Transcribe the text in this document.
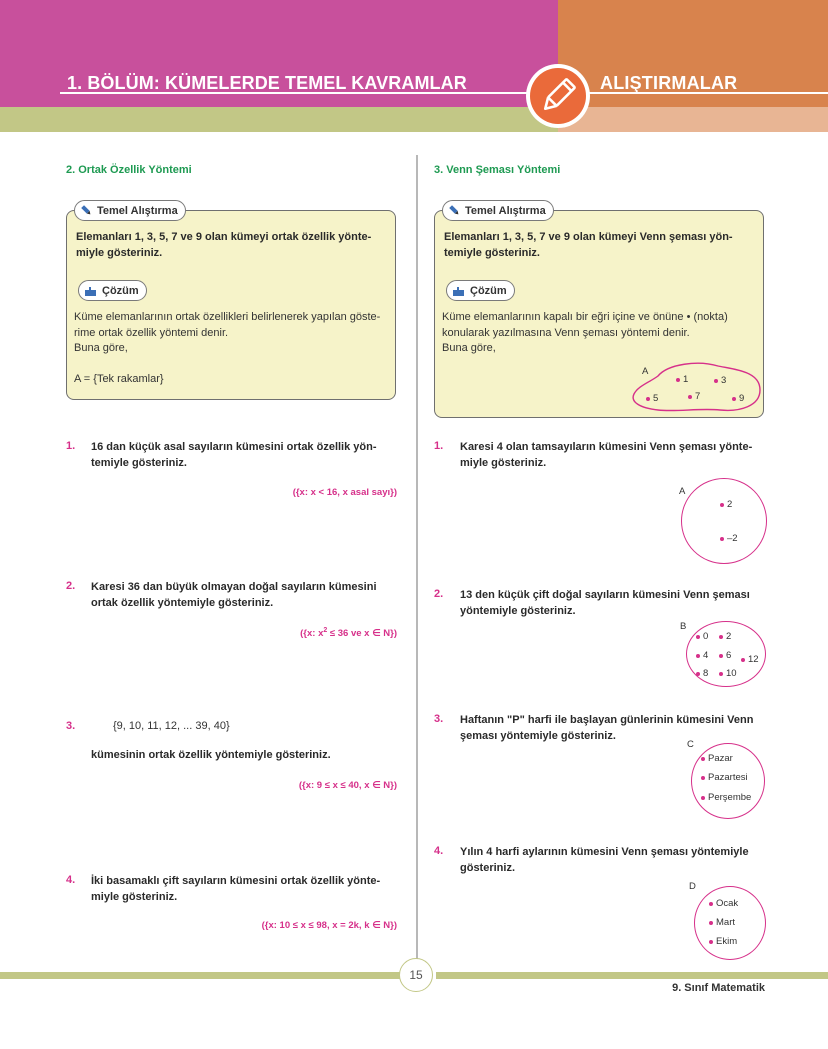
1. BÖLÜM: KÜMELERDE TEMEL KAVRAMLAR	ALIŞTIRMALAR
2. Ortak Özellik Yöntemi
Temel Alıştırma
Elemanları 1, 3, 5, 7 ve 9 olan kümeyi ortak özellik yönte-
miyle gösteriniz.
Çözüm
Küme elemanlarının ortak özellikleri belirlenerek yapılan göste-
rime ortak özellik yöntemi denir.
Buna göre,
A = {Tek rakamlar}
1. 16 dan küçük asal sayıların kümesini ortak özellik yön-
temiyle gösteriniz.
({x: x < 16, x asal sayı})
2. Karesi 36 dan büyük olmayan doğal sayıların kümesini
ortak özellik yöntemiyle gösteriniz.
({x: $x^2 \le 36$ ve x ∈ N})
3.	{9, 10, 11, 12, ... 39, 40}
kümesinin ortak özellik yöntemiyle gösteriniz.
({x: 9 ≤ x ≤ 40, x ∈ N})
4. İki basamaklı çift sayıların kümesini ortak özellik yönte-
miyle gösteriniz.
({x: 10 ≤ x ≤ 98, x = 2k, k ∈ N})
3. Venn Şeması Yöntemi
Temel Alıştırma
Elemanları 1, 3, 5, 7 ve 9 olan kümeyi Venn şeması yön-
temiyle gösteriniz.
Çözüm
Küme elemanlarının kapalı bir eğri içine ve önüne • (nokta)
konularak yazılmasına Venn şeması yöntemi denir.
Buna göre,
A
1	3
5	7	9
1. Karesi 4 olan tamsayıların kümesini Venn şeması yönte-
miyle gösteriniz.
A
2
–2
2. 13 den küçük çift doğal sayıların kümesini Venn şeması
yöntemiyle gösteriniz.
B
0 2
4 6 12
8 10
3. Haftanın "P" harfi ile başlayan günlerinin kümesini Venn
şeması yöntemiyle gösteriniz.
C
Pazar
Pazartesi
Perşembe
4. Yılın 4 harfi aylarının kümesini Venn şeması yöntemiyle
gösteriniz.
D
Ocak
Mart
Ekim
15
9. Sınıf Matematik
